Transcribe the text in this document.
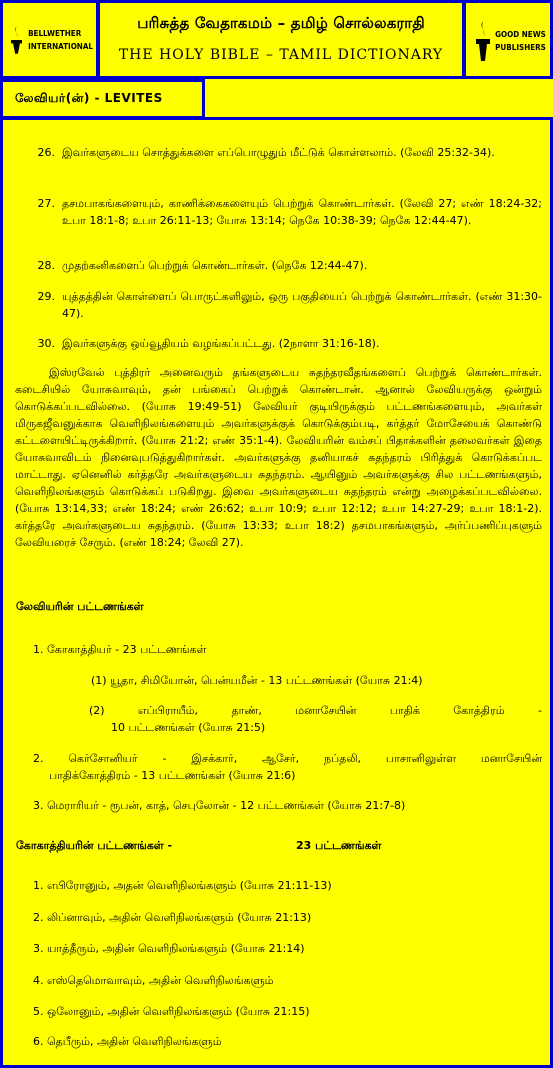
BELLWETHER
INTERNATIONAL
பரிசுத்த வேதாகமம் – தமிழ் சொல்லகராதி
THE HOLY BIBLE – TAMIL DICTIONARY
GOOD NEWS
PUBLISHERS
லேவியர்(ன்) - LEVITES
26. இவர்களுடைய சொத்துக்களை எப்பொழுதும் மீட்டுக் கொள்ளலாம். (லேவி 25:32-34).
27. தசமபாகங்களையும், காணிக்கைகளையும் பெற்றுக் கொண்டார்கள். (லேவி 27; எண் 18:24-32; உபா 18:1-8; உபா 26:11-13; யோசு 13:14; நெகே 10:38-39; நெகே 12:44-47).
28. முதற்கனிகளைப் பெற்றுக் கொண்டார்கள். (நெகே 12:44-47).
29. யுத்தத்தின் கொள்ளைப் பொருட்களிலும், ஒரு பகுதியைப் பெற்றுக் கொண்டார்கள். (எண் 31:30-47).
30. இவர்களுக்கு ஒய்வூதியம் வழங்கப்பட்டது. (2நாளா 31:16-18).
இஸ்ரவேல் புத்திரர் அனைவரும் தங்களுடைய சுதந்தரவீதங்களைப் பெற்றுக் கொண்டார்கள். கடைசியில் யோசுவாவும், தன் பங்கைப் பெற்றுக் கொண்டான். ஆனால் லேவியருக்கு ஒன்றும் கொடுக்கப்படவில்லை. (யோசு 19:49-51) லேவியர் குடியிருக்கும் பட்டணங்களையும், அவர்கள் மிருகஜீவனுக்காக வெளிநிலங்களையும் அவர்களுக்குக் கொடுக்கும்படி, கர்த்தர் மோசேயைக் கொண்டு கட்டளையிட்டிருக்கிறார். (யோசு 21:2; எண் 35:1-4). லேவியரின் வம்சப் பிதாக்களின் தலைவர்கள் இதை யோசுவாவிடம் நினைவுபடுத்துகிறார்கள். அவர்களுக்கு தனியாகச் சுதந்தரம் பிரித்துக் கொடுக்கப்பட மாட்டாது. ஏனெனில் கர்த்தரே அவர்களுடைய சுதந்தரம். ஆயினும் அவர்களுக்கு சில பட்டணங்களும், வெளிநிலங்களும் கொடுக்கப் படுகிறது. இவை அவர்களுடைய சுதந்தரம் என்று அழைக்கப்படவில்லை. (யோசு 13:14,33; எண் 18:24; எண் 26:62; உபா 10:9; உபா 12:12; உபா 14:27-29; உபா 18:1-2). கர்த்தரே அவர்களுடைய சுதந்தரம். (யோசு 13:33; உபா 18:2) தசமபாகங்களும், அர்ப்பணிப்புகளும் லேவியரைச் சேரும். (எண் 18:24; லேவி 27).
லேவியரின் பட்டணங்கள்
1. கோகாத்தியர் - 23 பட்டணங்கள்
(1) யூதா, சிமியோன், பென்யமீன் - 13 பட்டணங்கள் (யோசு 21:4)
(2) எப்பிராயீம், தாண், மனாசேயின் பாதிக் கோத்திரம் -
10 பட்டணங்கள் (யோசு 21:5)
2. கெர்சோனியர் - இசக்கார், ஆசேர், நப்தலி, பாசானிலுள்ள மனாசேயின்
பாதிக்கோத்திரம் - 13 பட்டணங்கள் (யோசு 21:6)
3. மெராரியர் - ரூபன், காத், செபுலோன் - 12 பட்டணங்கள் (யோசு 21:7-8)
கோகாத்தியரின் பட்டணங்கள் -	23 பட்டணங்கள்
1. எபிரோனும், அதன் வெளிநிலங்களும் (யோசு 21:11-13)
2. லிப்னாவும், அதின் வெளிநிலங்களும் (யோசு 21:13)
3. யாத்தீரும், அதின் வெளிநிலங்களும் (யோசு 21:14)
4. எஸ்தெமொவாவும், அதின் வெளிநிலங்களும்
5. ஒலோனும், அதின் வெளிநிலங்களும் (யோசு 21:15)
6. தெபீரும், அதின் வெளிநிலங்களும்
